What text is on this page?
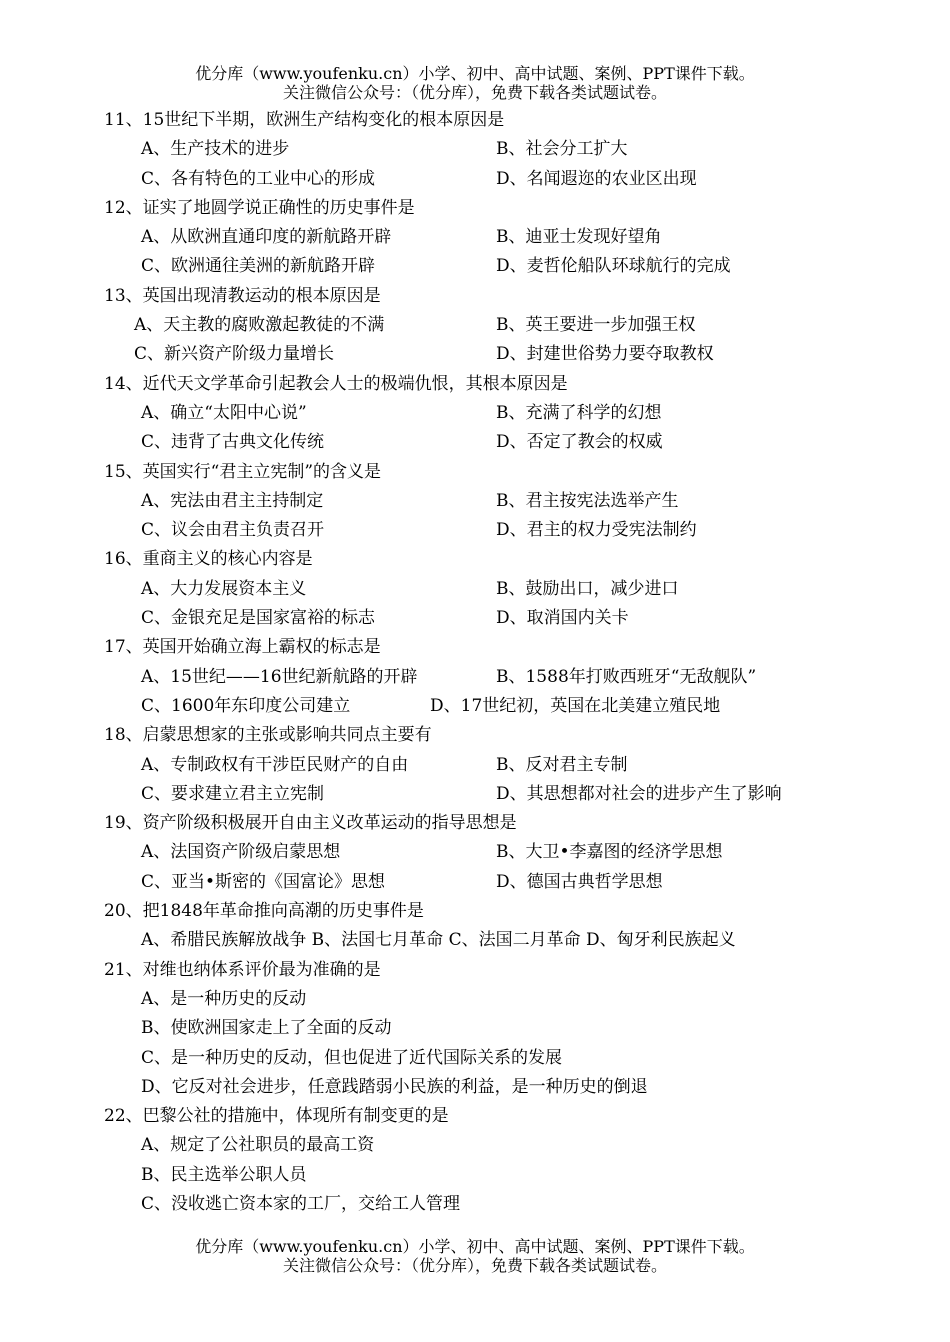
优分库（www.youfenku.cn）小学、初中、高中试题、案例、PPT课件下载。
关注微信公众号：（优分库），免费下载各类试题试卷。
11、15世纪下半期，欧洲生产结构变化的根本原因是
A、生产技术的进步	B、社会分工扩大
C、各有特色的工业中心的形成	D、名闻遐迩的农业区出现
12、证实了地圆学说正确性的历史事件是
A、从欧洲直通印度的新航路开辟	B、迪亚士发现好望角
C、欧洲通往美洲的新航路开辟	D、麦哲伦船队环球航行的完成
13、英国出现清教运动的根本原因是
A、天主教的腐败激起教徒的不满	B、英王要进一步加强王权
C、新兴资产阶级力量增长	D、封建世俗势力要夺取教权
14、近代天文学革命引起教会人士的极端仇恨，其根本原因是
A、确立“太阳中心说”	B、充满了科学的幻想
C、违背了古典文化传统	D、否定了教会的权威
15、英国实行“君主立宪制”的含义是
A、宪法由君主主持制定	B、君主按宪法选举产生
C、议会由君主负责召开	D、君主的权力受宪法制约
16、重商主义的核心内容是
A、大力发展资本主义	B、鼓励出口，减少进口
C、金银充足是国家富裕的标志	D、取消国内关卡
17、英国开始确立海上霸权的标志是
A、15世纪——16世纪新航路的开辟	B、1588年打败西班牙“无敌舰队”
C、1600年东印度公司建立	D、17世纪初，英国在北美建立殖民地
18、启蒙思想家的主张或影响共同点主要有
A、专制政权有干涉臣民财产的自由	B、反对君主专制
C、要求建立君主立宪制	D、其思想都对社会的进步产生了影响
19、资产阶级积极展开自由主义改革运动的指导思想是
A、法国资产阶级启蒙思想	B、大卫•李嘉图的经济学思想
C、亚当•斯密的《国富论》思想	D、德国古典哲学思想
20、把1848年革命推向高潮的历史事件是
A、希腊民族解放战争 B、法国七月革命 C、法国二月革命 D、匈牙利民族起义
21、对维也纳体系评价最为准确的是
A、是一种历史的反动
B、使欧洲国家走上了全面的反动
C、是一种历史的反动，但也促进了近代国际关系的发展
D、它反对社会进步，任意践踏弱小民族的利益，是一种历史的倒退
22、巴黎公社的措施中，体现所有制变更的是
A、规定了公社职员的最高工资
B、民主选举公职人员
C、没收逃亡资本家的工厂，交给工人管理
优分库（www.youfenku.cn）小学、初中、高中试题、案例、PPT课件下载。
关注微信公众号：（优分库），免费下载各类试题试卷。
